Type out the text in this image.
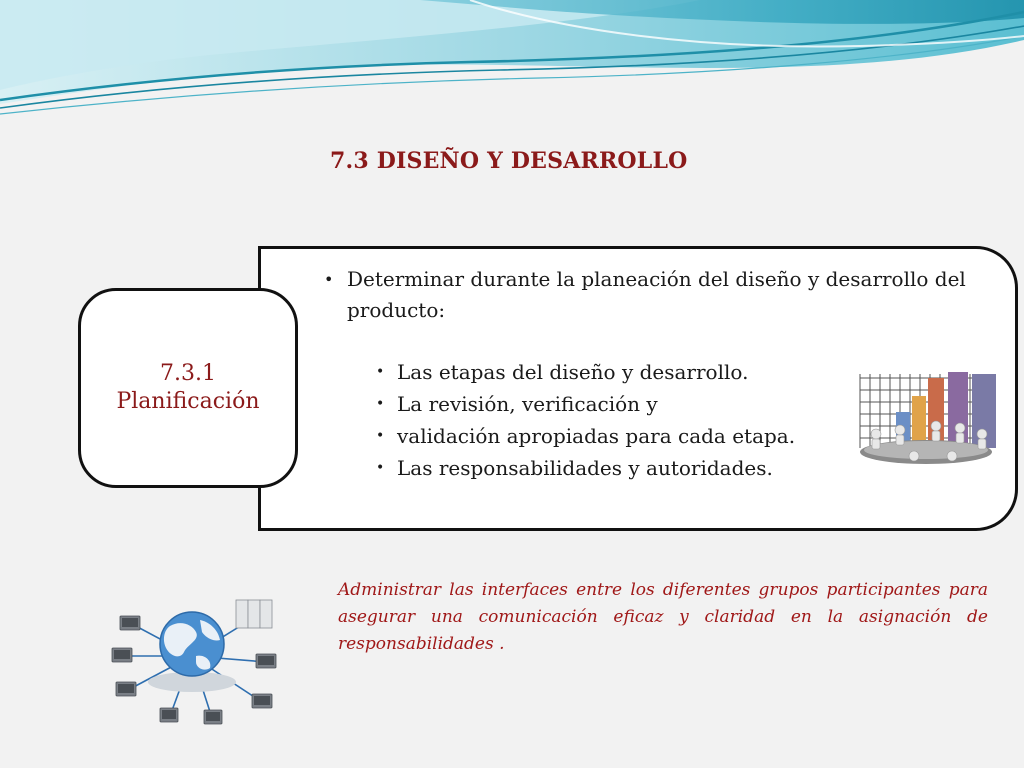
7.3 DISEÑO Y DESARROLLO
7.3.1
Planificación
• Determinar durante la planeación del diseño y desarrollo del producto:
• Las etapas del diseño y desarrollo.
• La revisión, verificación y
• validación apropiadas para cada etapa.
• Las responsabilidades y autoridades.
Administrar las interfaces entre los diferentes grupos participantes para asegurar una comunicación eficaz y claridad en la asignación de responsabilidades .
